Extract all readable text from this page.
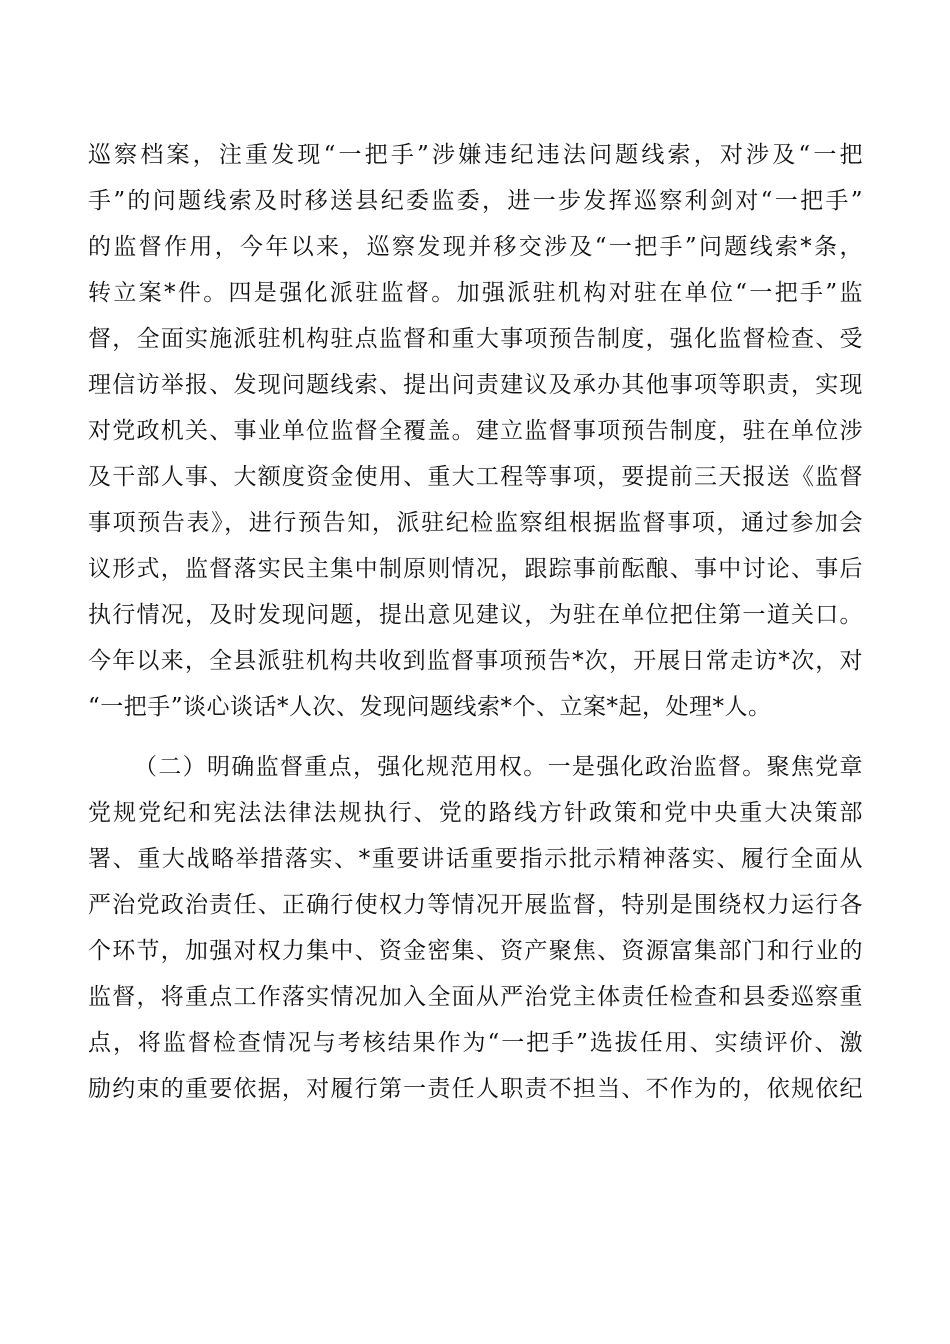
巡察档案，注重发现“一把手”涉嫌违纪违法问题线索，对涉及“一把
手”的问题线索及时移送县纪委监委，进一步发挥巡察利剑对“一把手”
的监督作用，今年以来，巡察发现并移交涉及“一把手”问题线索*条，
转立案*件。四是强化派驻监督。加强派驻机构对驻在单位“一把手”监
督，全面实施派驻机构驻点监督和重大事项预告制度，强化监督检查、受
理信访举报、发现问题线索、提出问责建议及承办其他事项等职责，实现
对党政机关、事业单位监督全覆盖。建立监督事项预告制度，驻在单位涉
及干部人事、大额度资金使用、重大工程等事项，要提前三天报送《监督
事项预告表》，进行预告知，派驻纪检监察组根据监督事项，通过参加会
议形式，监督落实民主集中制原则情况，跟踪事前酝酿、事中讨论、事后
执行情况，及时发现问题，提出意见建议，为驻在单位把住第一道关口。
今年以来，全县派驻机构共收到监督事项预告*次，开展日常走访*次，对
“一把手”谈心谈话*人次、发现问题线索*个、立案*起，处理*人。
（二）明确监督重点，强化规范用权。一是强化政治监督。聚焦党章
党规党纪和宪法法律法规执行、党的路线方针政策和党中央重大决策部
署、重大战略举措落实、*重要讲话重要指示批示精神落实、履行全面从
严治党政治责任、正确行使权力等情况开展监督，特别是围绕权力运行各
个环节，加强对权力集中、资金密集、资产聚焦、资源富集部门和行业的
监督，将重点工作落实情况加入全面从严治党主体责任检查和县委巡察重
点，将监督检查情况与考核结果作为“一把手”选拔任用、实绩评价、激
励约束的重要依据，对履行第一责任人职责不担当、不作为的，依规依纪
